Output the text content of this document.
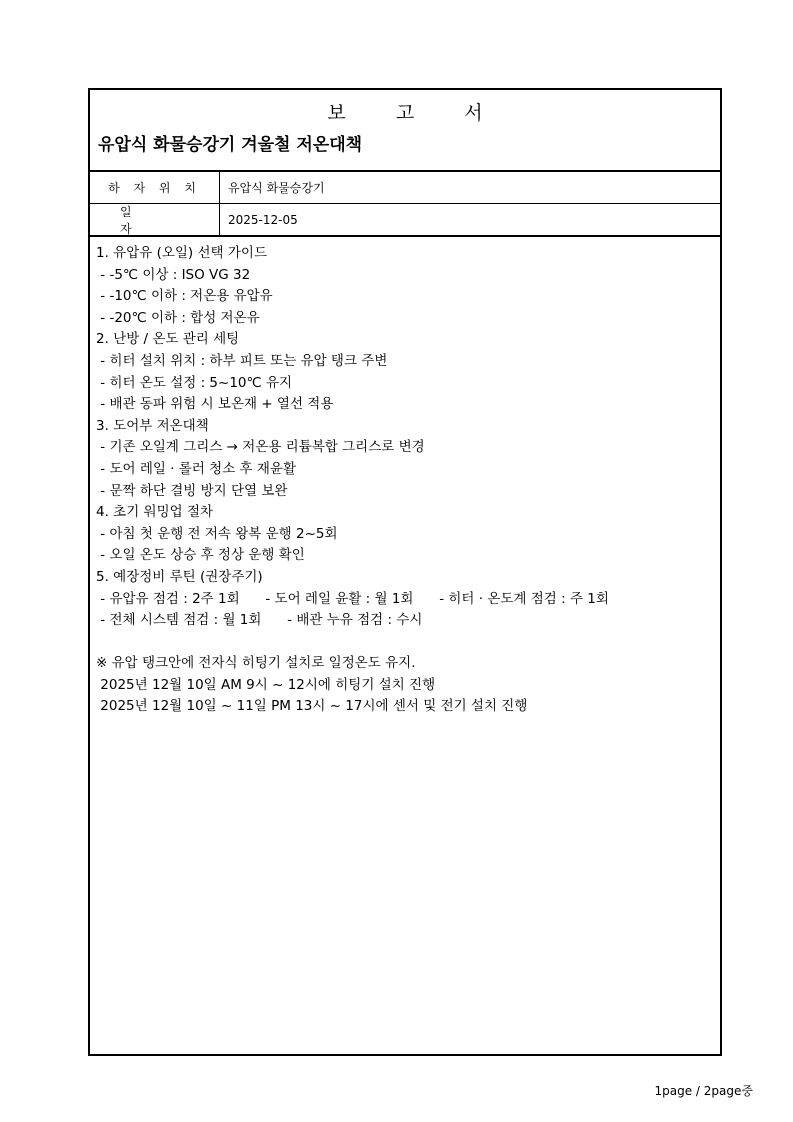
보 고 서
유압식 화물승강기 겨울철 저온대책
하 자 위 치	유압식 화물승강기
일 자
2025-12-05
1. 유압유 (오일) 선택 가이드
- -5℃ 이상 : ISO VG 32
- -10℃ 이하 : 저온용 유압유
- -20℃ 이하 : 합성 저온유
2. 난방 / 온도 관리 세팅
- 히터 설치 위치 : 하부 피트 또는 유압 탱크 주변
- 히터 온도 설정 : 5~10℃ 유지
- 배관 동파 위험 시 보온재 + 열선 적용
3. 도어부 저온대책
- 기존 오일계 그리스 → 저온용 리튬복합 그리스로 변경
- 도어 레일 · 롤러 청소 후 재윤활
- 문짝 하단 결빙 방지 단열 보완
4. 초기 워밍업 절차
- 아침 첫 운행 전 저속 왕복 운행 2~5회
- 오일 온도 상승 후 정상 운행 확인
5. 예장정비 루틴 (권장주기)
- 유압유 점검 : 2주 1회      - 도어 레일 윤활 : 월 1회      - 히터 · 온도계 점검 : 주 1회
- 전체 시스템 점검 : 월 1회      - 배관 누유 점검 : 수시
※ 유압 탱크안에 전자식 히팅기 설치로 일정온도 유지.
2025년 12월 10일 AM 9시 ~ 12시에 히팅기 설치 진행
2025년 12월 10일 ~ 11일 PM 13시 ~ 17시에 센서 및 전기 설치 진행
1page / 2page중
